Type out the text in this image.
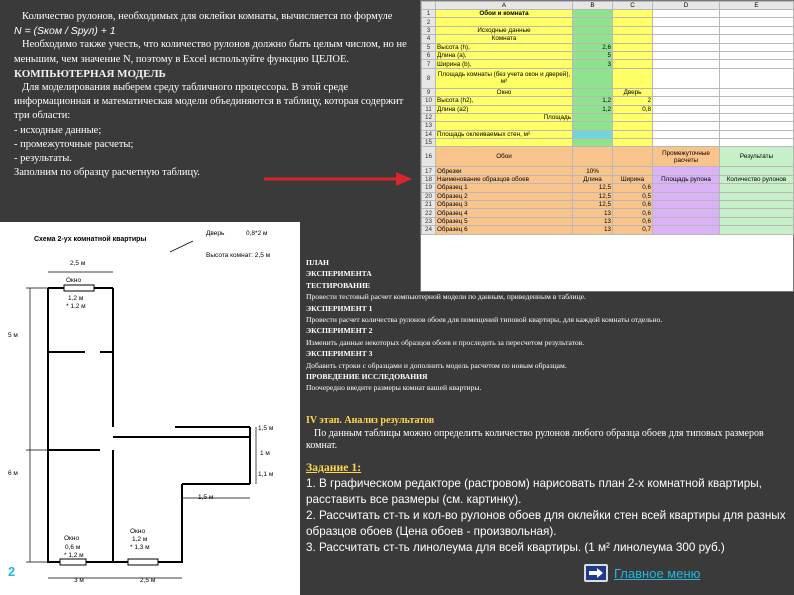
Количество рулонов, необходимых для оклейки комнаты, вычисляется по формуле

N = (Sком / Sрул) + 1

Необходимо также учесть, что количество рулонов должно быть целым числом, но не меньшим, чем значение N, поэтому в Excel используйте функцию ЦЕЛОЕ.

КОМПЬЮТЕРНАЯ МОДЕЛЬ

Для моделирования выберем среду табличного процессора. В этой среде информационная и математическая модели объединяются в таблицу, которая содержит три области:

- исходные данные;

- промежуточные расчеты;

- результаты.

Заполним по образцу расчетную таблицу.

	A	B	C	D	E
1	Обои и комната				
2					
3	Исходные данные				
4	Комната				
5	Высота (h),	2,6			
6	Длина (a),	5			
7	Ширина (b),	3			
8	Площадь комнаты (без учета окон и дверей), м²				
9	Окно		Дверь		
10	Высота (h2),	1,2	2		
11	Длина (a2)	1,2	0,8		
12	Площадь				
13					
14	Площадь оклеиваемых стен, м²				
15					
16	Обои			Промежуточные расчеты	Результаты
17	Обрезки	10%			
18	Наименование образцов обоев	Длина	Ширина	Площадь рулона	Количество рулонов
19	Образец 1	12,5	0,6		
20	Образец 2	12,5	0,5		
21	Образец 3	12,5	0,6		
22	Образец 4	13	0,6		
23	Образец 5	13	0,6		
24	Образец 6	13	0,7		
Схема 2-ух комнатной квартиры
Дверь	0,8*2 м
Высота комнат: 2,5 м
2,5 м
Окно
1,2 м
* 1,2 м
5 м
6 м
1,5 м
1 м
1,1 м
1,5 м
Окно
0,6 м
* 1,2 м
Окно
1,2 м
* 1,3 м
3 м	2,5 м
2
ПЛАН
ЭКСПЕРИМЕНТА
ТЕСТИРОВАНИЕ
Провести тестовый расчет компьютерной модели по данным, приведенным в таблице.
ЭКСПЕРИМЕНТ 1
Провести расчет количества рулонов обоев для помещений типовой квартиры, для каждой комнаты отдельно.
ЭКСПЕРИМЕНТ 2
Изменить данные некоторых образцов обоев и проследить за пересчетом результатов.
ЭКСПЕРИМЕНТ 3
Добавить строки с образцами и дополнить модель расчетом по новым образцам.
ПРОВЕДЕНИЕ ИССЛЕДОВАНИЯ
Поочередно введите размеры комнат вашей квартиры.
IV этап. Анализ результатов
По данным таблицы можно определить количество рулонов любого образца обоев для типовых размеров комнат.
Задание 1:
1. В графическом редакторе (растровом) нарисовать план 2-х комнатной квартиры, расставить все размеры (см. картинку).
2. Рассчитать ст-ть и кол-во рулонов обоев для оклейки стен всей квартиры для разных образцов обоев (Цена обоев - произвольная).
3. Рассчитать ст-ть линолеума для всей квартиры. (1 м² линолеума 300 руб.)
Главное меню
